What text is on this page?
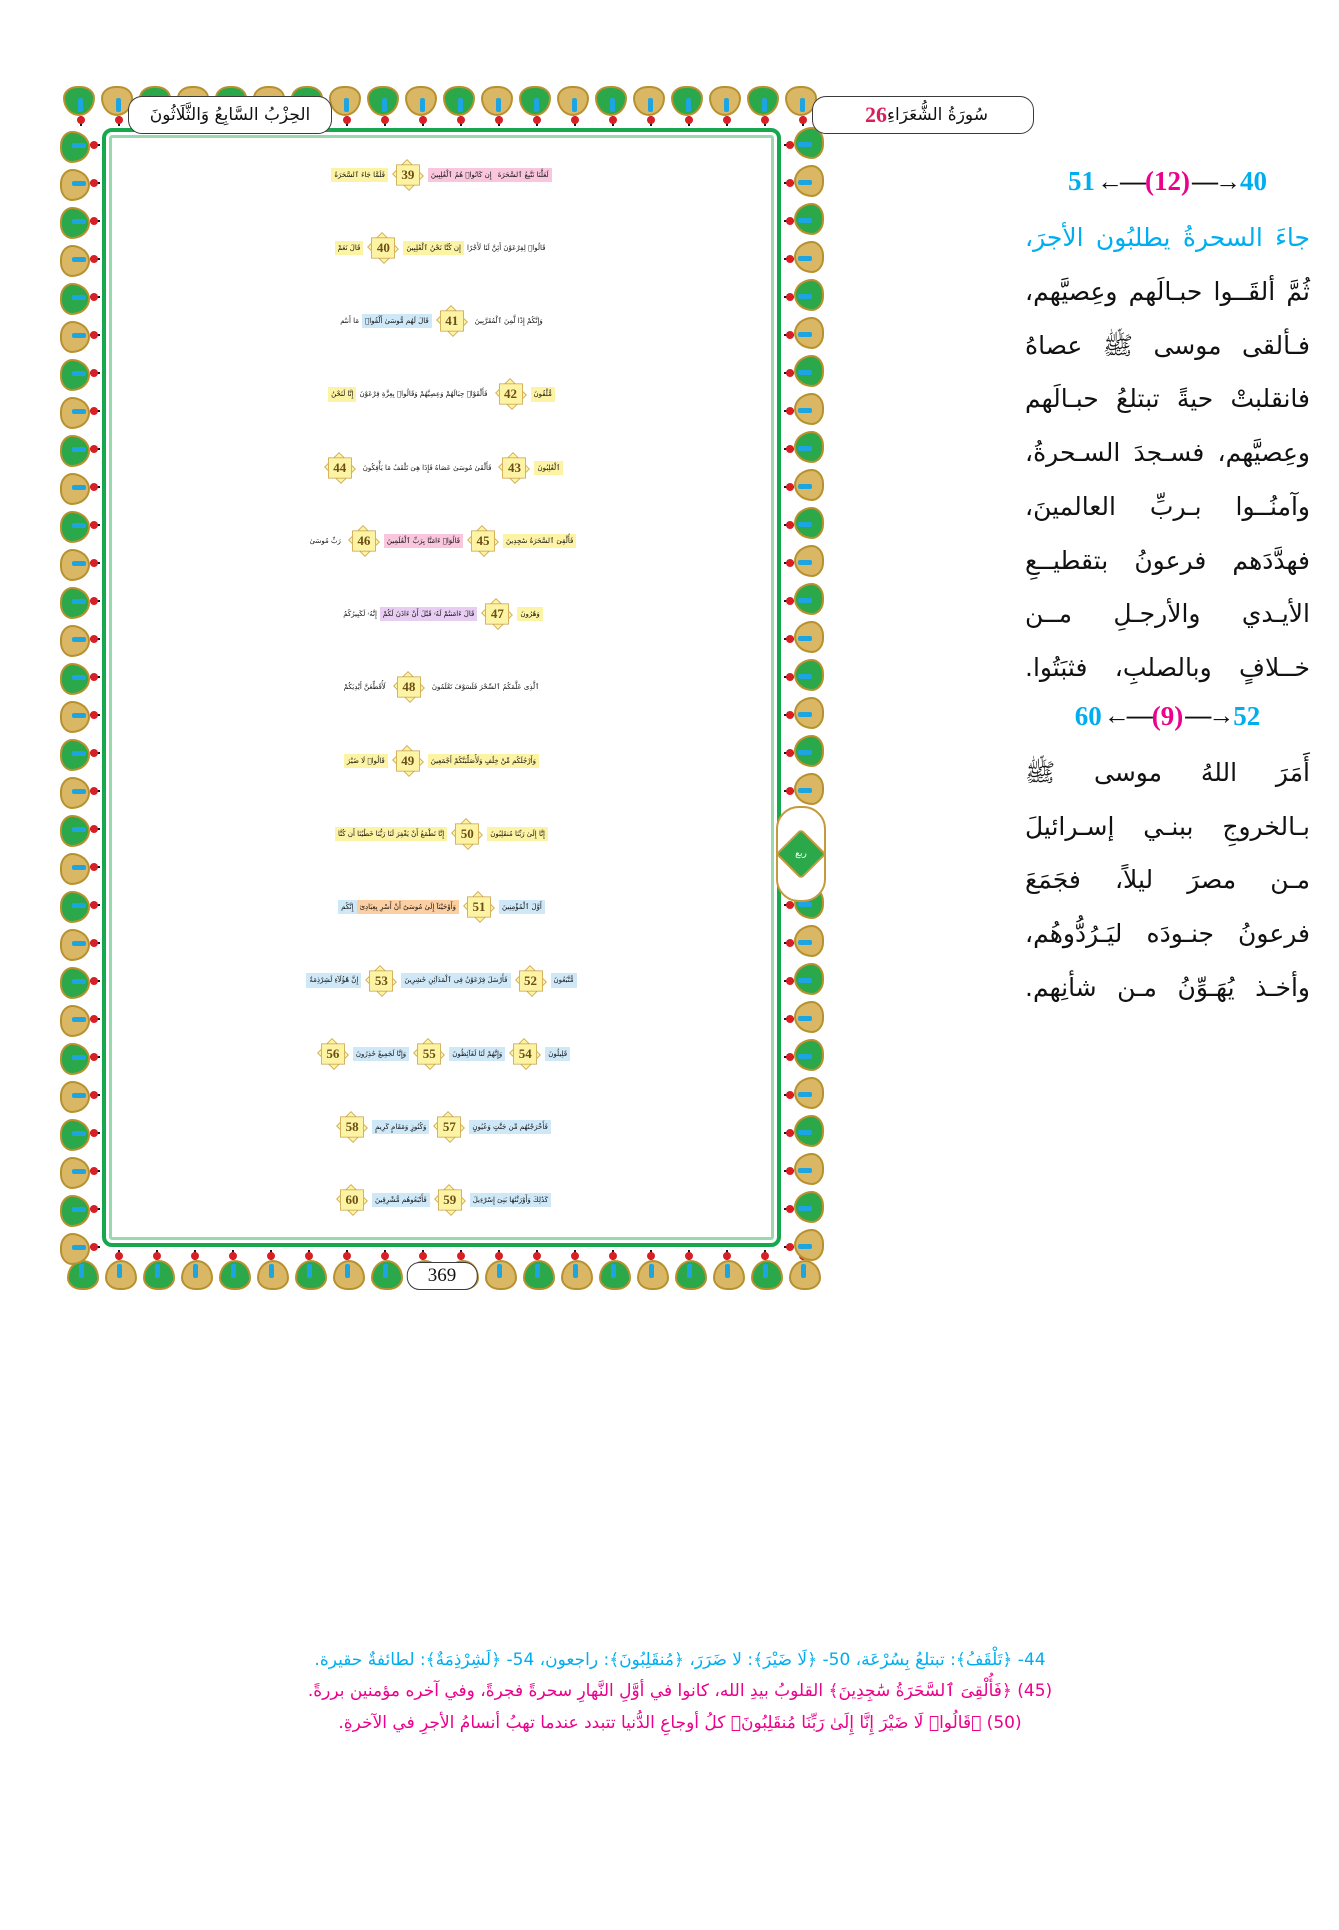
الحِزْبُ السَّابِعُ وَالثَّلَاثُونَ	26 سُورَةُ الشُّعَرَاءِ
لَعَلَّنَا نَتَّبِعُ ٱلسَّحَرَةَ
إِن كَانُوا۟ هُمُ ٱلْغَٰلِبِينَ
39
فَلَمَّا جَاءَ ٱلسَّحَرَةُ
قَالُوا۟ لِفِرْعَوْنَ أَئِنَّ لَنَا لَأَجْرًا
إِن كُنَّا نَحْنُ ٱلْغَٰلِبِينَ
40
قَالَ نَعَمْ
وَإِنَّكُمْ إِذًا لَّمِنَ ٱلْمُقَرَّبِينَ
41
قَالَ لَهُم مُّوسَىٰ أَلْقُوا۟
مَا أَنتُم
مُّلْقُونَ
42
فَأَلْقَوْا۟ حِبَالَهُمْ وَعِصِيَّهُمْ وَقَالُوا۟ بِعِزَّةِ فِرْعَوْنَ
إِنَّا لَنَحْنُ
ٱلْغَٰلِبُونَ
43
فَأَلْقَىٰ مُوسَىٰ عَصَاهُ فَإِذَا هِىَ تَلْقَفُ مَا يَأْفِكُونَ
44
فَأُلْقِىَ ٱلسَّحَرَةُ سَٰجِدِينَ
45
قَالُوٓا۟ ءَامَنَّا بِرَبِّ ٱلْعَٰلَمِينَ
46
رَبِّ مُوسَىٰ
وَهَٰرُونَ
47
قَالَ ءَامَنتُمْ لَهُۥ قَبْلَ أَنْ ءَاذَنَ لَكُمْ
إِنَّهُۥ لَكَبِيرُكُمُ
ٱلَّذِى عَلَّمَكُمُ ٱلسِّحْرَ فَلَسَوْفَ تَعْلَمُونَ
48
لَأُقَطِّعَنَّ أَيْدِيَكُمْ
وَأَرْجُلَكُم مِّنْ خِلَٰفٍ وَلَأُصَلِّبَنَّكُمْ أَجْمَعِينَ
49
قَالُوا۟ لَا ضَيْرَ
إِنَّا إِلَىٰ رَبِّنَا مُنقَلِبُونَ
50
إِنَّا نَطْمَعُ أَنْ يَغْفِرَ لَنَا رَبُّنَا خَطَٰيَٰنَا أَن كُنَّا
أَوَّلَ ٱلْمُؤْمِنِينَ
51
وَأَوْحَيْنَآ إِلَىٰ مُوسَىٰٓ أَنْ أَسْرِ بِعِبَادِىٓ
إِنَّكُم
مُّتَّبَعُونَ
52
فَأَرْسَلَ فِرْعَوْنُ فِى ٱلْمَدَآئِنِ حَٰشِرِينَ
53
إِنَّ هَٰٓؤُلَآءِ لَشِرْذِمَةٌ
قَلِيلُونَ
54
وَإِنَّهُمْ لَنَا لَغَآئِظُونَ
55
وَإِنَّا لَجَمِيعٌ حَٰذِرُونَ
56
فَأَخْرَجْنَٰهُم مِّن جَنَّٰتٍ وَعُيُونٍ
57
وَكُنُوزٍ وَمَقَامٍ كَرِيمٍ
58
كَذَٰلِكَ وَأَوْرَثْنَٰهَا بَنِىٓ إِسْرَٰٓءِيلَ
59
فَأَتْبَعُوهُم مُّشْرِقِينَ
60
ربع
369
51 ←— (12) —→ 40
جاءَ السحرةُ يطلبُون الأجرَ، ثُمَّ ألقَــوا حبـالَهم وعِصيَّهم، فـألقى موسى ﷺ عصاهُ فانقلبتْ حيةً تبتلعُ حبـالَهم وعِصيَّهم، فسـجدَ السـحرةُ، وآمنُــوا بـربِّ العالمينَ، فهدَّدَهم فرعونُ بتقطيــعِ الأيـدي والأرجـلِ مــن خــلافٍ وبالصلبِ، فثبَتُوا.
60 ←— (9) —→ 52
أَمَرَ اللهُ موسى ﷺ بـالخروجِ ببنـي إسـرائيلَ مـن مصرَ ليلاً، فجَمَعَ فرعونُ جنـودَه ليَـرُدُّوهُم، وأخـذ يُهَـوِّنُ مـن شأنِهم.
44- ﴿تَلْقَفُ﴾: تبتلعُ بِسُرْعَة، 50- ﴿لَا ضَيْرَ﴾: لا ضَرَرَ، ﴿مُنقَلِبُونَ﴾: راجعون، 54- ﴿لَشِرْذِمَةٌ﴾: لطائفةٌ حقيرة.
(45) ﴿فَأُلْقِىَ ٱلسَّحَرَةُ سَٰجِدِينَ﴾ القلوبُ بيدِ الله، كانوا في أوَّلِ النَّهارِ سحرةً فجرةً، وفي آخره مؤمنين بررةً.
(50) ﴿قَالُوا۟ لَا ضَيْرَ إِنَّا إِلَىٰ رَبِّنَا مُنقَلِبُونَ﴾ كلُ أوجاعِ الدُّنيا تتبدد عندما تهبُ أنسامُ الأجرِ في الآخرةِ.
